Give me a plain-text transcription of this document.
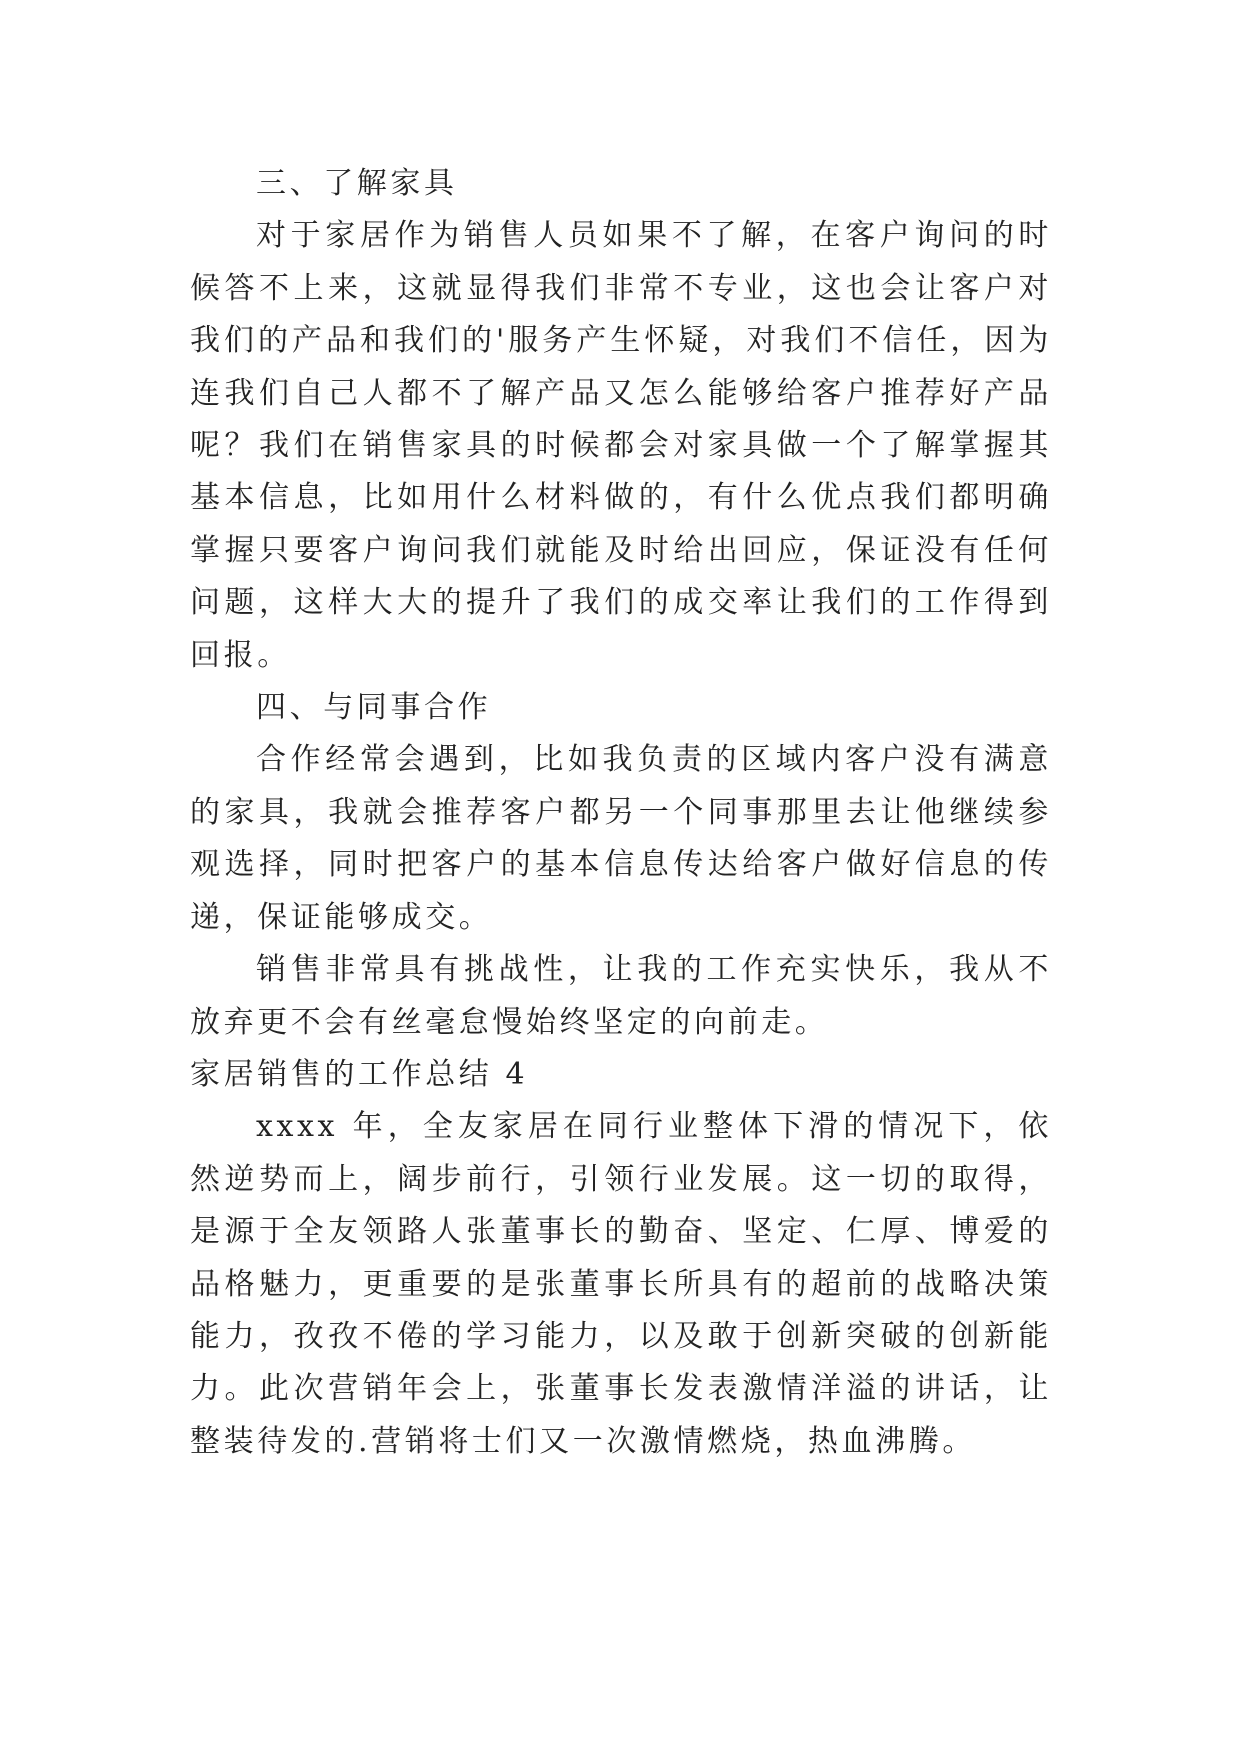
三、了解家具

对于家居作为销售人员如果不了解，在客户询问的时候答不上来，这就显得我们非常不专业，这也会让客户对我们的产品和我们的'服务产生怀疑，对我们不信任，因为连我们自己人都不了解产品又怎么能够给客户推荐好产品呢？我们在销售家具的时候都会对家具做一个了解掌握其基本信息，比如用什么材料做的，有什么优点我们都明确掌握只要客户询问我们就能及时给出回应，保证没有任何问题，这样大大的提升了我们的成交率让我们的工作得到回报。

四、与同事合作

合作经常会遇到，比如我负责的区域内客户没有满意的家具，我就会推荐客户都另一个同事那里去让他继续参观选择，同时把客户的基本信息传达给客户做好信息的传递，保证能够成交。

销售非常具有挑战性，让我的工作充实快乐，我从不放弃更不会有丝毫怠慢始终坚定的向前走。

家居销售的工作总结 4

xxxx 年，全友家居在同行业整体下滑的情况下，依然逆势而上，阔步前行，引领行业发展。这一切的取得，是源于全友领路人张董事长的勤奋、坚定、仁厚、博爱的品格魅力，更重要的是张董事长所具有的超前的战略决策能力，孜孜不倦的学习能力，以及敢于创新突破的创新能力。此次营销年会上，张董事长发表激情洋溢的讲话，让整装待发的.营销将士们又一次激情燃烧，热血沸腾。
